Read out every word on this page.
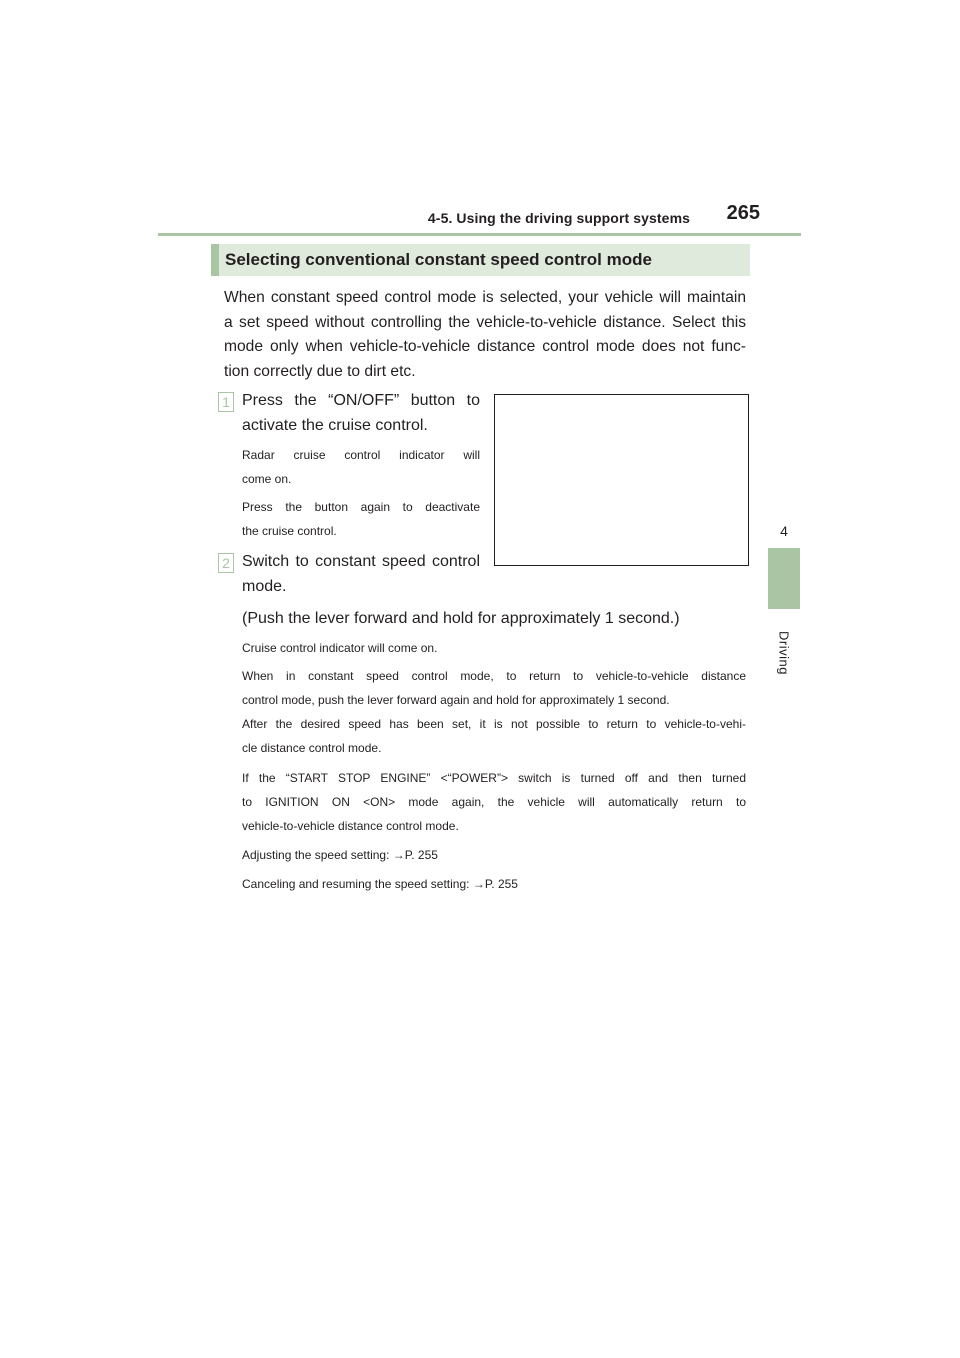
4-5. Using the driving support systems	265
4
Driving
Selecting conventional constant speed control mode
When constant speed control mode is selected, your vehicle will maintain
a set speed without controlling the vehicle-to-vehicle distance. Select this
mode only when vehicle-to-vehicle distance control mode does not func-
tion correctly due to dirt etc.
1 Press the “ON/OFF” button to
activate the cruise control.
Radar cruise control indicator will
come on.
Press the button again to deactivate
the cruise control.
2 Switch to constant speed control
mode.
(Push the lever forward and hold for approximately 1 second.)
Cruise control indicator will come on.
When in constant speed control mode, to return to vehicle-to-vehicle distance
control mode, push the lever forward again and hold for approximately 1 second.
After the desired speed has been set, it is not possible to return to vehicle-to-vehi-
cle distance control mode.
If the “START STOP ENGINE” <“POWER”> switch is turned off and then turned
to IGNITION ON <ON> mode again, the vehicle will automatically return to
vehicle-to-vehicle distance control mode.
Adjusting the speed setting: →P. 255
Canceling and resuming the speed setting: →P. 255
